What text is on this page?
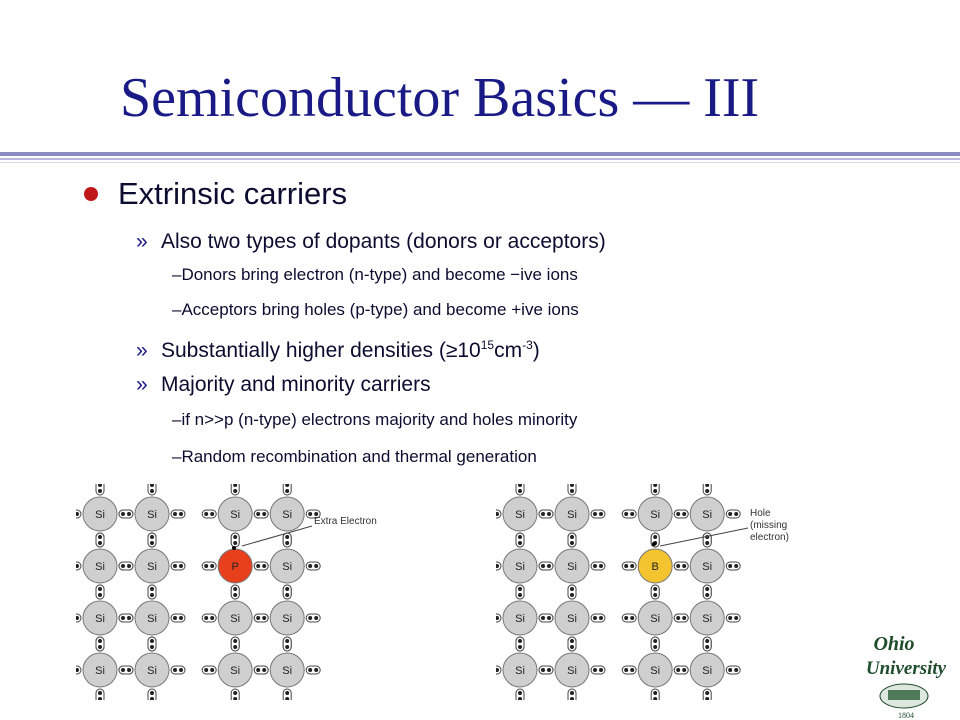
Semiconductor Basics — III
Extrinsic carriers
» Also two types of dopants (donors or acceptors)
–Donors bring electron (n-type) and become −ive ions
–Acceptors bring holes (p-type) and become +ive ions
» Substantially higher densities $(\ge 10^{15}cm^{-3})$
» Majority and minority carriers
–if n>>p (n-type) electrons majority and holes minority
–Random recombination and thermal generation
Si
Si
Si
Si
Si
Si
Si
Si
Si
P
Si
Si
Si
Si
Si
Si
Extra Electron
Si
Si
Si
Si
Si
Si
Si
Si
Si
B
Si
Si
Si
Si
Si
Si
Hole
(missing
electron)
Ohio
University
1804
